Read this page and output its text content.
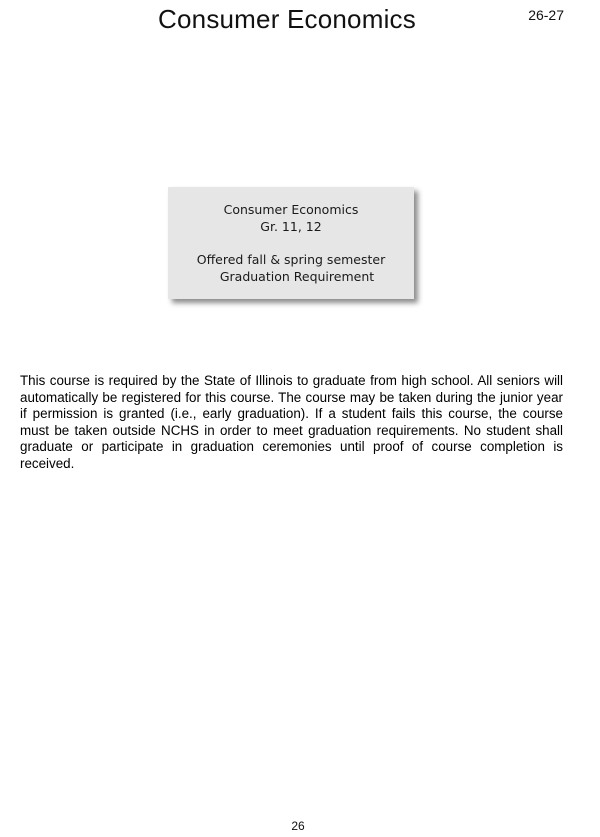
Consumer Economics	26-27
Consumer Economics
Gr. 11, 12
Offered fall & spring semester
Graduation Requirement

This course is required by the State of Illinois to graduate from high school. All seniors will automatically be registered for this course. The course may be taken during the junior year if permission is granted (i.e., early graduation). If a student fails this course, the course must be taken outside NCHS in order to meet graduation requirements. No student shall graduate or participate in graduation ceremonies until proof of course completion is received.

26
